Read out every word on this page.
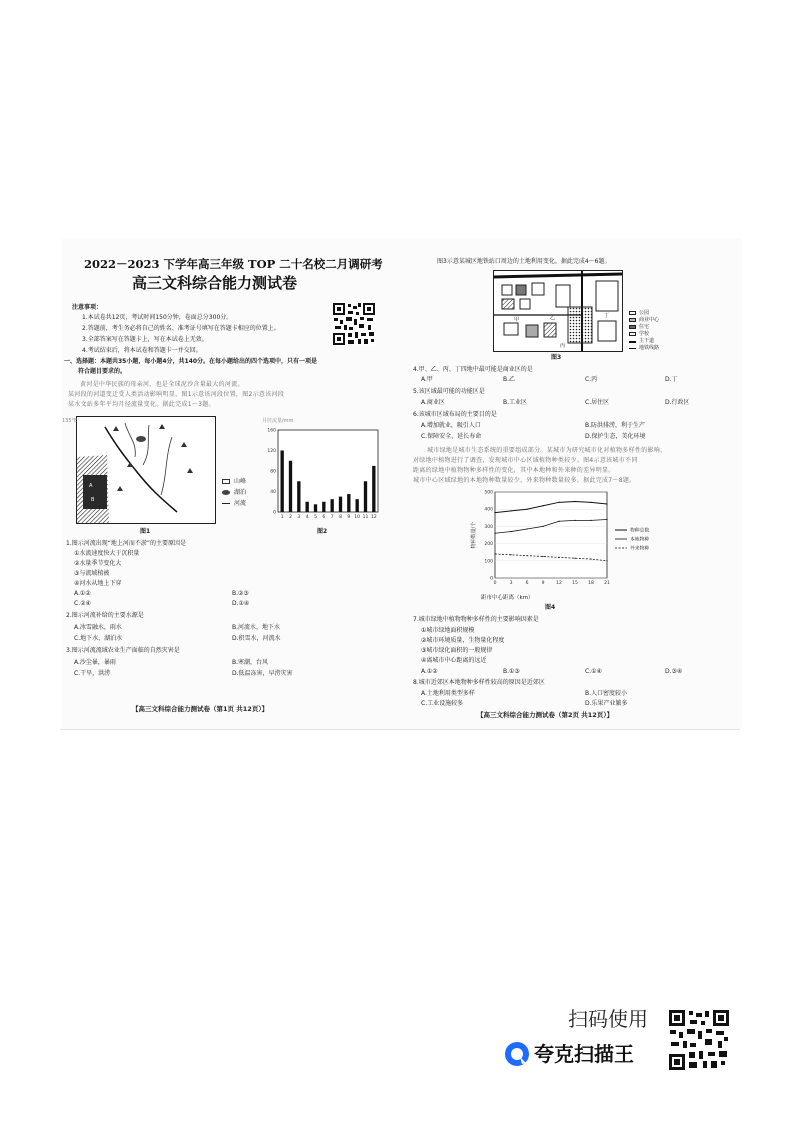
2022－2023 下学年高三年级 TOP 二十名校二月调研考
高三文科综合能力测试卷
注意事项：
1.本试卷共12页，考试时间150分钟，卷面总分300分。
2.答题前，考生务必将自己的姓名、准考证号填写在答题卡相应的位置上。
3.全部答案写在答题卡上，写在本试卷上无效。
4.考试结束后，将本试卷和答题卡一并交回。
一、选择题：本题共35小题，每小题4分，共140分。在每小题给出的四个选项中，只有一项是
符合题目要求的。
黄河是中华民族的母亲河，也是全球泥沙含量最大的河流。
某河段的河道变迁受人类活动影响明显，图1示意该河段位置，图2示意该河段
某水文站多年平均月径流量变化。据此完成1～3题。
A
B
135°E
山峰
湖泊
河流
图1
月径流量/mm
0
40
80
120
160
1 2 3 4 5 6 7 8 9 10 11 12
图2
1.图示河流出现“地上河而不淤”的主要原因是
①水流速度快大于沉积量
②水量季节变化大
③与流域植被
④河水从地上下穿
A.①②	B.②③
C.②④	D.①④
2.图示河流补给的主要水源是
A.冰雪融水，雨水	B.河流水，地下水
C.地下水，湖泊水	D.积雪水，河流水
3.图示河流流域农业生产面临的自然灾害是
A.沙尘暴，暴雨	B.寒潮，台风
C.干旱，洪涝	D.低温冻害，早涝灾害
【高三文科综合能力测试卷（第1页 共12页）】
图3示意某城区地铁站口周边的土地利用变化。据此完成4～6题。
甲	乙
丙
丁	公园
商业中心
住宅
学校
主干道
地铁线路
图3
4.甲、乙、丙、丁四地中最可能是商业区的是
A.甲	B.乙	C.丙	D.丁
5.该区域最可能的功能区是
A.商业区	B.工业区	C.居住区	D.行政区
6.该城市区域布局的主要目的是
A.增加就业，吸引人口	B.防洪排涝，利于生产
C.保障安全，延长寿命	D.保护生态，美化环境
城市绿地是城市生态系统的重要组成部分。某城市为研究城市化对植物多样性的影响，
对绿地中植物进行了调查，发现城市中心区域植物种类较少。图4示意该城市不同
距离的绿地中植物物种多样性的变化，其中本地种和外来种的差异明显。
城市中心区域绿地的本地物种数量较少，外来物种数量较多。据此完成7～8题。
0
100
200
300
400
500
0	3	6	9	12 15 18 21
物种数量/个	物种总数
本地物种
外来物种
距市中心距离（km）
图4
7.城市绿地中植物物种多样性的主要影响因素是
①城市绿地面积规模
②城市环境质量，生物量化程度
③城市绿化面积的一般规律
④离城市中心距离的远近
A.①②	B.①③	C.①④	D.③④
8.城市近郊区本地物种多样性较高的原因是近郊区
A.土地利用类型多样	B.人口密度较小
C.工业设施较多	D.乐果产业繁多
【高三文科综合能力测试卷（第2页 共12页）】
扫码使用
夸克扫描王
